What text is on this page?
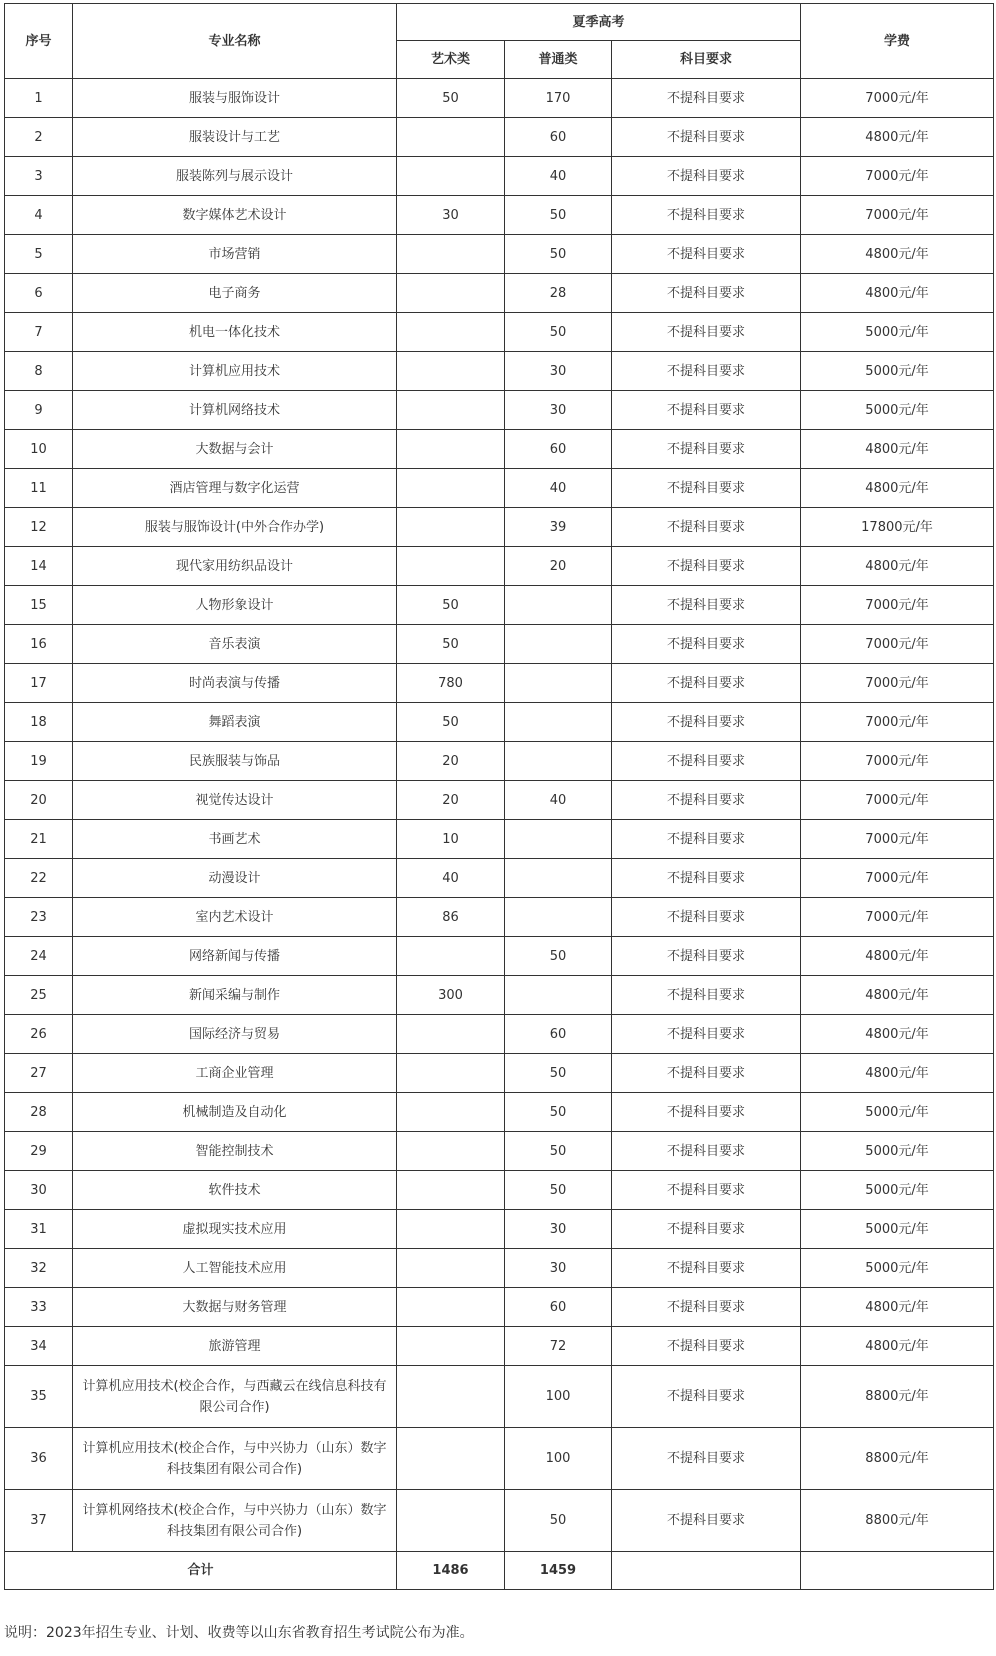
序号	专业名称	夏季高考			学费
		艺术类	普通类	科目要求	
1	服装与服饰设计	50	170	不提科目要求	7000元/年
2	服装设计与工艺		60	不提科目要求	4800元/年
3	服装陈列与展示设计		40	不提科目要求	7000元/年
4	数字媒体艺术设计	30	50	不提科目要求	7000元/年
5	市场营销		50	不提科目要求	4800元/年
6	电子商务		28	不提科目要求	4800元/年
7	机电一体化技术		50	不提科目要求	5000元/年
8	计算机应用技术		30	不提科目要求	5000元/年
9	计算机网络技术		30	不提科目要求	5000元/年
10	大数据与会计		60	不提科目要求	4800元/年
11	酒店管理与数字化运营		40	不提科目要求	4800元/年
12	服装与服饰设计(中外合作办学)		39	不提科目要求	17800元/年
14	现代家用纺织品设计		20	不提科目要求	4800元/年
15	人物形象设计	50		不提科目要求	7000元/年
16	音乐表演	50		不提科目要求	7000元/年
17	时尚表演与传播	780		不提科目要求	7000元/年
18	舞蹈表演	50		不提科目要求	7000元/年
19	民族服装与饰品	20		不提科目要求	7000元/年
20	视觉传达设计	20	40	不提科目要求	7000元/年
21	书画艺术	10		不提科目要求	7000元/年
22	动漫设计	40		不提科目要求	7000元/年
23	室内艺术设计	86		不提科目要求	7000元/年
24	网络新闻与传播		50	不提科目要求	4800元/年
25	新闻采编与制作	300		不提科目要求	4800元/年
26	国际经济与贸易		60	不提科目要求	4800元/年
27	工商企业管理		50	不提科目要求	4800元/年
28	机械制造及自动化		50	不提科目要求	5000元/年
29	智能控制技术		50	不提科目要求	5000元/年
30	软件技术		50	不提科目要求	5000元/年
31	虚拟现实技术应用		30	不提科目要求	5000元/年
32	人工智能技术应用		30	不提科目要求	5000元/年
33	大数据与财务管理		60	不提科目要求	4800元/年
34	旅游管理		72	不提科目要求	4800元/年
35	计算机应用技术(校企合作，与西藏云在线信息科技有限公司合作)		100	不提科目要求	8800元/年
36	计算机应用技术(校企合作，与中兴协力（山东）数字科技集团有限公司合作)		100	不提科目要求	8800元/年
37	计算机网络技术(校企合作，与中兴协力（山东）数字科技集团有限公司合作)		50	不提科目要求	8800元/年
合计		1486	1459		
说明：2023年招生专业、计划、收费等以山东省教育招生考试院公布为准。
